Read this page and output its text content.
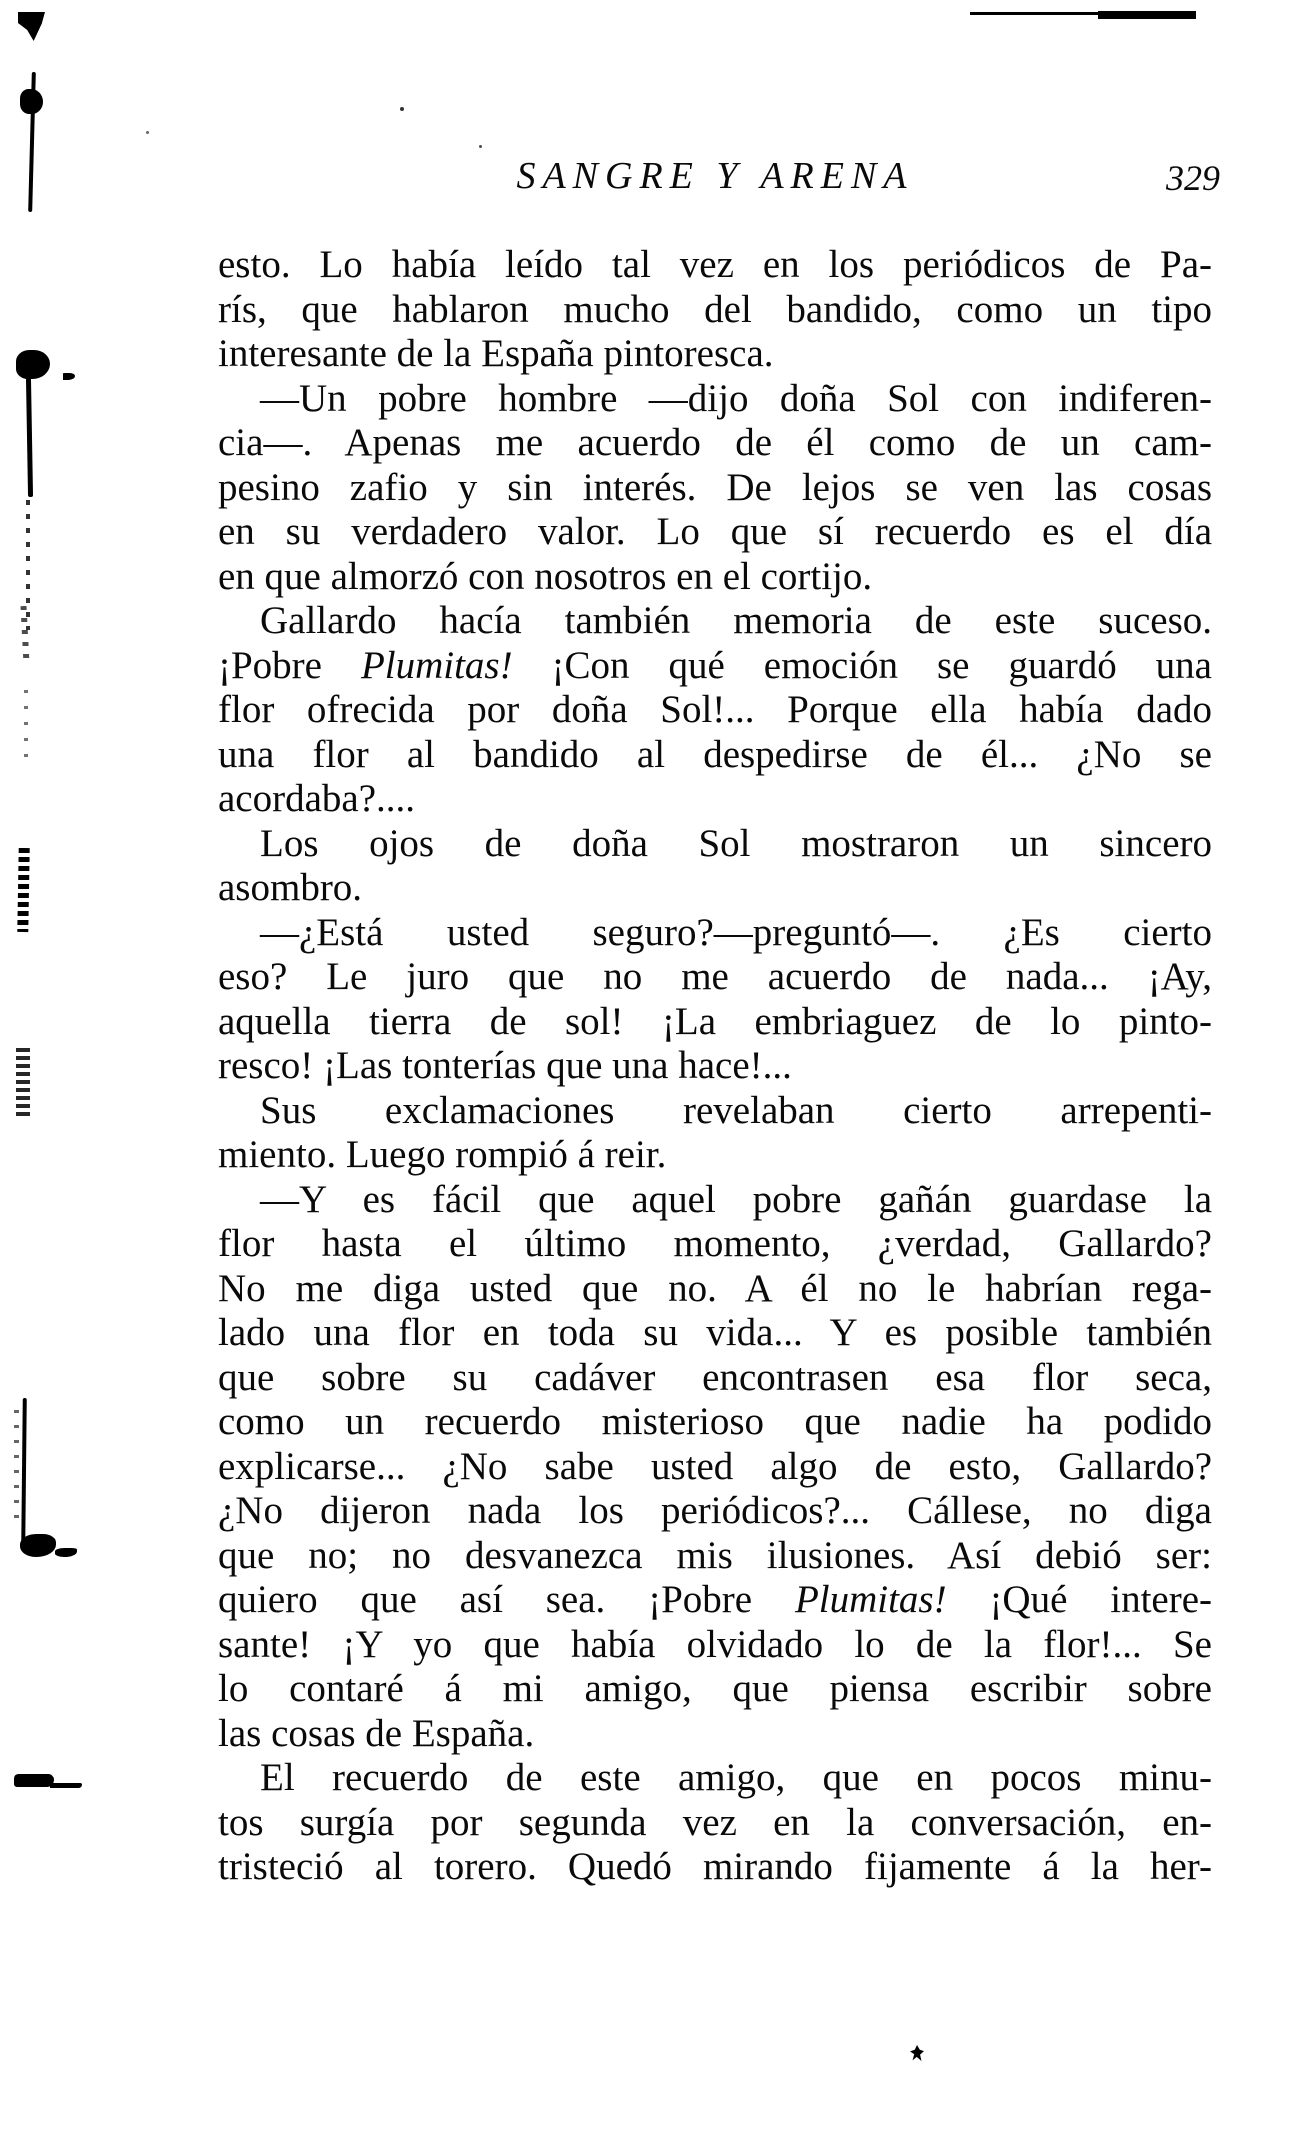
SANGRE Y ARENA	329
esto. Lo había leído tal vez en los periódicos de Pa-
rís, que hablaron mucho del bandido, como un tipo
interesante de la España pintoresca.
—Un pobre hombre —dijo doña Sol con indiferen-
cia—. Apenas me acuerdo de él como de un cam-
pesino zafio y sin interés. De lejos se ven las cosas
en su verdadero valor. Lo que sí recuerdo es el día
en que almorzó con nosotros en el cortijo.
Gallardo hacía también memoria de este suceso.
¡Pobre Plumitas! ¡Con qué emoción se guardó una
flor ofrecida por doña Sol!... Porque ella había dado
una flor al bandido al despedirse de él... ¿No se
acordaba?....
Los ojos de doña Sol mostraron un sincero
asombro.
—¿Está usted seguro?—preguntó—. ¿Es cierto
eso? Le juro que no me acuerdo de nada... ¡Ay,
aquella tierra de sol! ¡La embriaguez de lo pinto-
resco! ¡Las tonterías que una hace!...
Sus exclamaciones revelaban cierto arrepenti-
miento. Luego rompió á reir.
—Y es fácil que aquel pobre gañán guardase la
flor hasta el último momento, ¿verdad, Gallardo?
No me diga usted que no. A él no le habrían rega-
lado una flor en toda su vida... Y es posible también
que sobre su cadáver encontrasen esa flor seca,
como un recuerdo misterioso que nadie ha podido
explicarse... ¿No sabe usted algo de esto, Gallardo?
¿No dijeron nada los periódicos?... Cállese, no diga
que no; no desvanezca mis ilusiones. Así debió ser:
quiero que así sea. ¡Pobre Plumitas! ¡Qué intere-
sante! ¡Y yo que había olvidado lo de la flor!... Se
lo contaré á mi amigo, que piensa escribir sobre
las cosas de España.
El recuerdo de este amigo, que en pocos minu-
tos surgía por segunda vez en la conversación, en-
tristeció al torero. Quedó mirando fijamente á la her-
